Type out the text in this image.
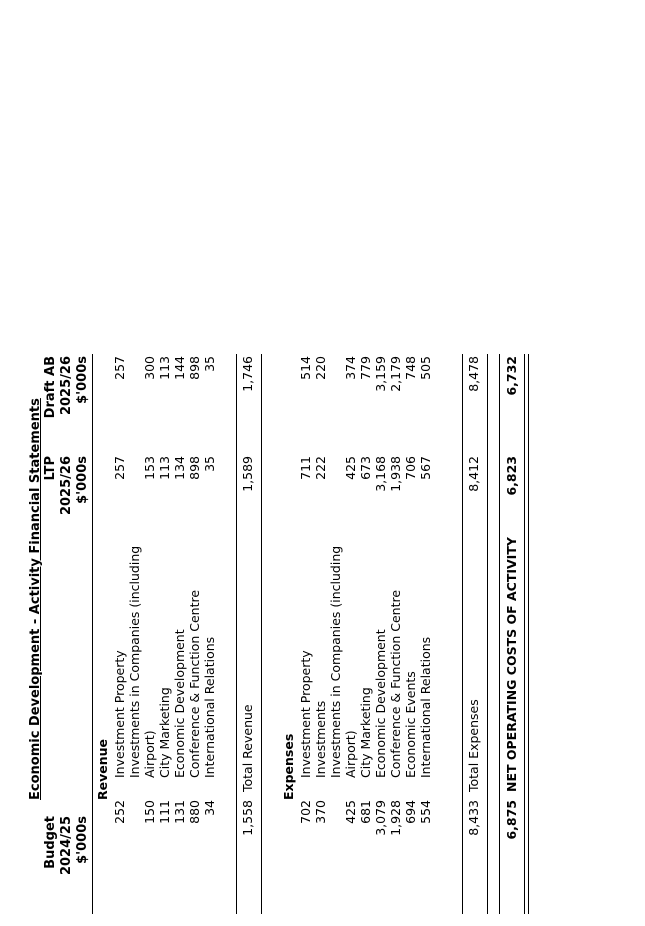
Economic Development - Activity Financial Statements
Budget 2024/25 $'000s
LTP 2025/26 $'000s
Draft AB 2025/26 $'000s
Revenue
252
Investment Property
257
257
Investments in Companies (including
150
Airport)
153
300
111
City Marketing
113
113
131
Economic Development
134
144
880
Conference & Function Centre
898
898
34
International Relations
35
35
1,558
Total Revenue
1,589
1,746
Expenses
702
Investment Property
711
514
370
Investments
222
220
Investments in Companies (including
425
Airport)
425
374
681
City Marketing
673
779
3,079
Economic Development
3,168
3,159
1,928
Conference & Function Centre
1,938
2,179
694
Economic Events
706
748
554
International Relations
567
505
8,433
Total Expenses
8,412
8,478
6,875
NET OPERATING COSTS OF ACTIVITY
6,823
6,732
